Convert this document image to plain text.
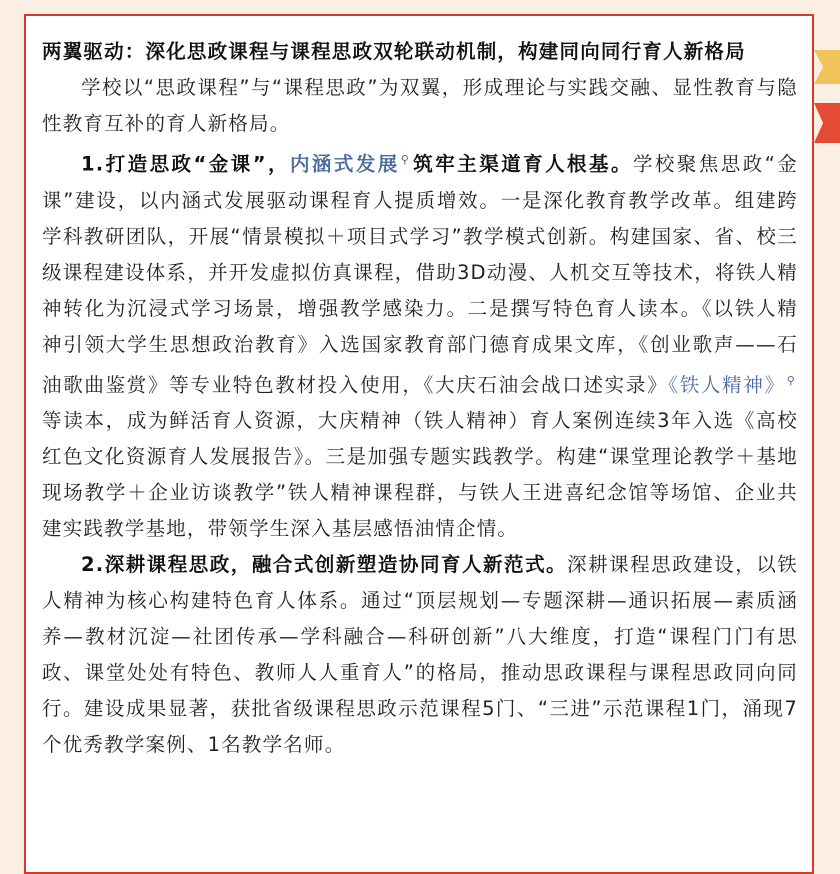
两翼驱动：深化思政课程与课程思政双轮联动机制，构建同向同行育人新格局

学校以“思政课程”与“课程思政”为双翼，形成理论与实践交融、显性教育与隐性教育互补的育人新格局。

1.打造思政“金课”，内涵式发展⚲ 筑牢主渠道育人根基。学校聚焦思政“金课”建设，以内涵式发展驱动课程育人提质增效。一是深化教育教学改革。组建跨学科教研团队，开展“情景模拟＋项目式学习”教学模式创新。构建国家、省、校三级课程建设体系，并开发虚拟仿真课程，借助3D动漫、人机交互等技术，将铁人精神转化为沉浸式学习场景，增强教学感染力。二是撰写特色育人读本。《以铁人精神引领大学生思想政治教育》入选国家教育部门德育成果文库，《创业歌声——石油歌曲鉴赏》等专业特色教材投入使用，《大庆石油会战口述实录》《铁人精神》⚲等读本，成为鲜活育人资源，大庆精神（铁人精神）育人案例连续3年入选《高校红色文化资源育人发展报告》。三是加强专题实践教学。构建“课堂理论教学＋基地现场教学＋企业访谈教学”铁人精神课程群，与铁人王进喜纪念馆等场馆、企业共建实践教学基地，带领学生深入基层感悟油情企情。

2.深耕课程思政，融合式创新塑造协同育人新范式。深耕课程思政建设，以铁人精神为核心构建特色育人体系。通过“顶层规划—专题深耕—通识拓展—素质涵养—教材沉淀—社团传承—学科融合—科研创新”八大维度，打造“课程门门有思政、课堂处处有特色、教师人人重育人”的格局，推动思政课程与课程思政同向同行。建设成果显著，获批省级课程思政示范课程5门、“三进”示范课程1门，涌现7个优秀教学案例、1名教学名师。
